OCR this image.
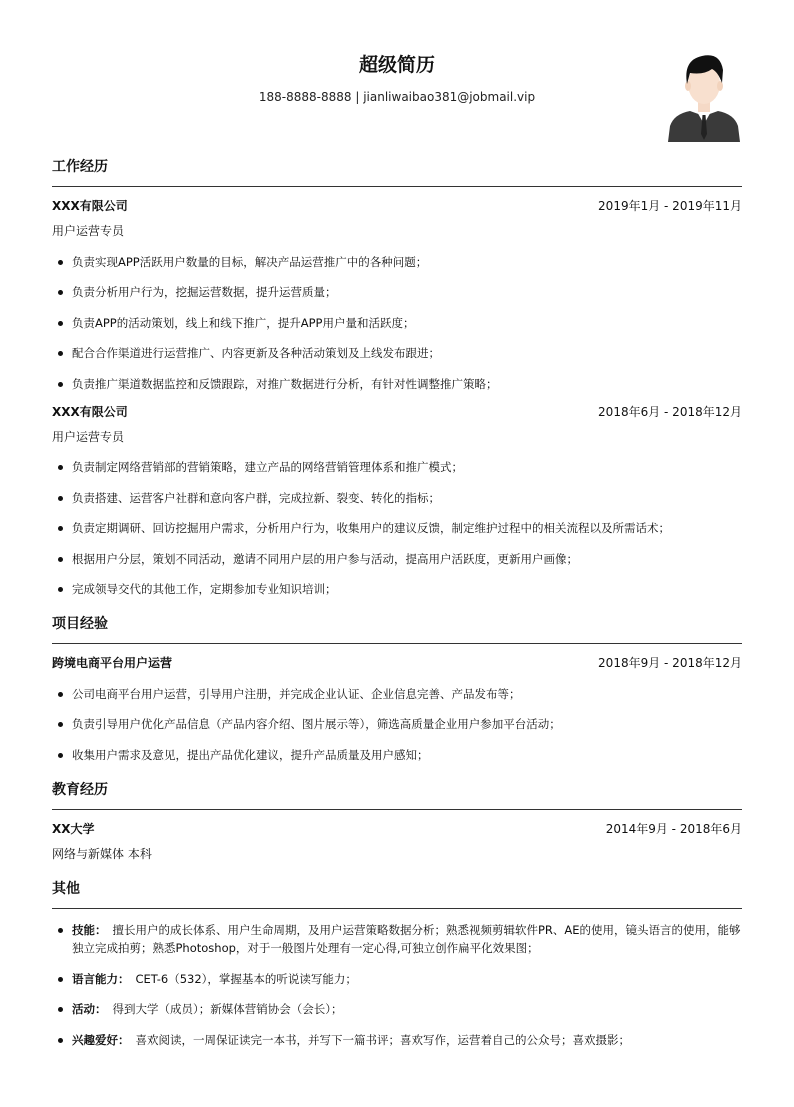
超级简历
188-8888-8888 | jianliwaibao381@jobmail.vip
工作经历
XXX有限公司	2019年1月 - 2019年11月
用户运营专员
负责实现APP活跃用户数量的目标，解决产品运营推广中的各种问题；
负责分析用户行为，挖掘运营数据，提升运营质量；
负责APP的活动策划，线上和线下推广，提升APP用户量和活跃度；
配合合作渠道进行运营推广、内容更新及各种活动策划及上线发布跟进；
负责推广渠道数据监控和反馈跟踪，对推广数据进行分析，有针对性调整推广策略；
XXX有限公司	2018年6月 - 2018年12月
用户运营专员
负责制定网络营销部的营销策略，建立产品的网络营销管理体系和推广模式；
负责搭建、运营客户社群和意向客户群，完成拉新、裂变、转化的指标；
负责定期调研、回访挖掘用户需求，分析用户行为，收集用户的建议反馈，制定维护过程中的相关流程以及所需话术；
根据用户分层，策划不同活动，邀请不同用户层的用户参与活动，提高用户活跃度，更新用户画像；
完成领导交代的其他工作，定期参加专业知识培训；
项目经验
跨境电商平台用户运营	2018年9月 - 2018年12月
公司电商平台用户运营，引导用户注册，并完成企业认证、企业信息完善、产品发布等；
负责引导用户优化产品信息（产品内容介绍、图片展示等），筛选高质量企业用户参加平台活动；
收集用户需求及意见，提出产品优化建议，提升产品质量及用户感知；
教育经历
XX大学	2014年9月 - 2018年6月
网络与新媒体 本科
其他
技能： 擅长用户的成长体系、用户生命周期，及用户运营策略数据分析；熟悉视频剪辑软件PR、AE的使用，镜头语言的使用，能够独立完成拍剪；熟悉Photoshop，对于一般图片处理有一定心得,可独立创作扁平化效果图；
语言能力： CET-6（532），掌握基本的听说读写能力；
活动： 得到大学（成员）；新媒体营销协会（会长）；
兴趣爱好： 喜欢阅读，一周保证读完一本书，并写下一篇书评；喜欢写作，运营着自己的公众号；喜欢摄影；
